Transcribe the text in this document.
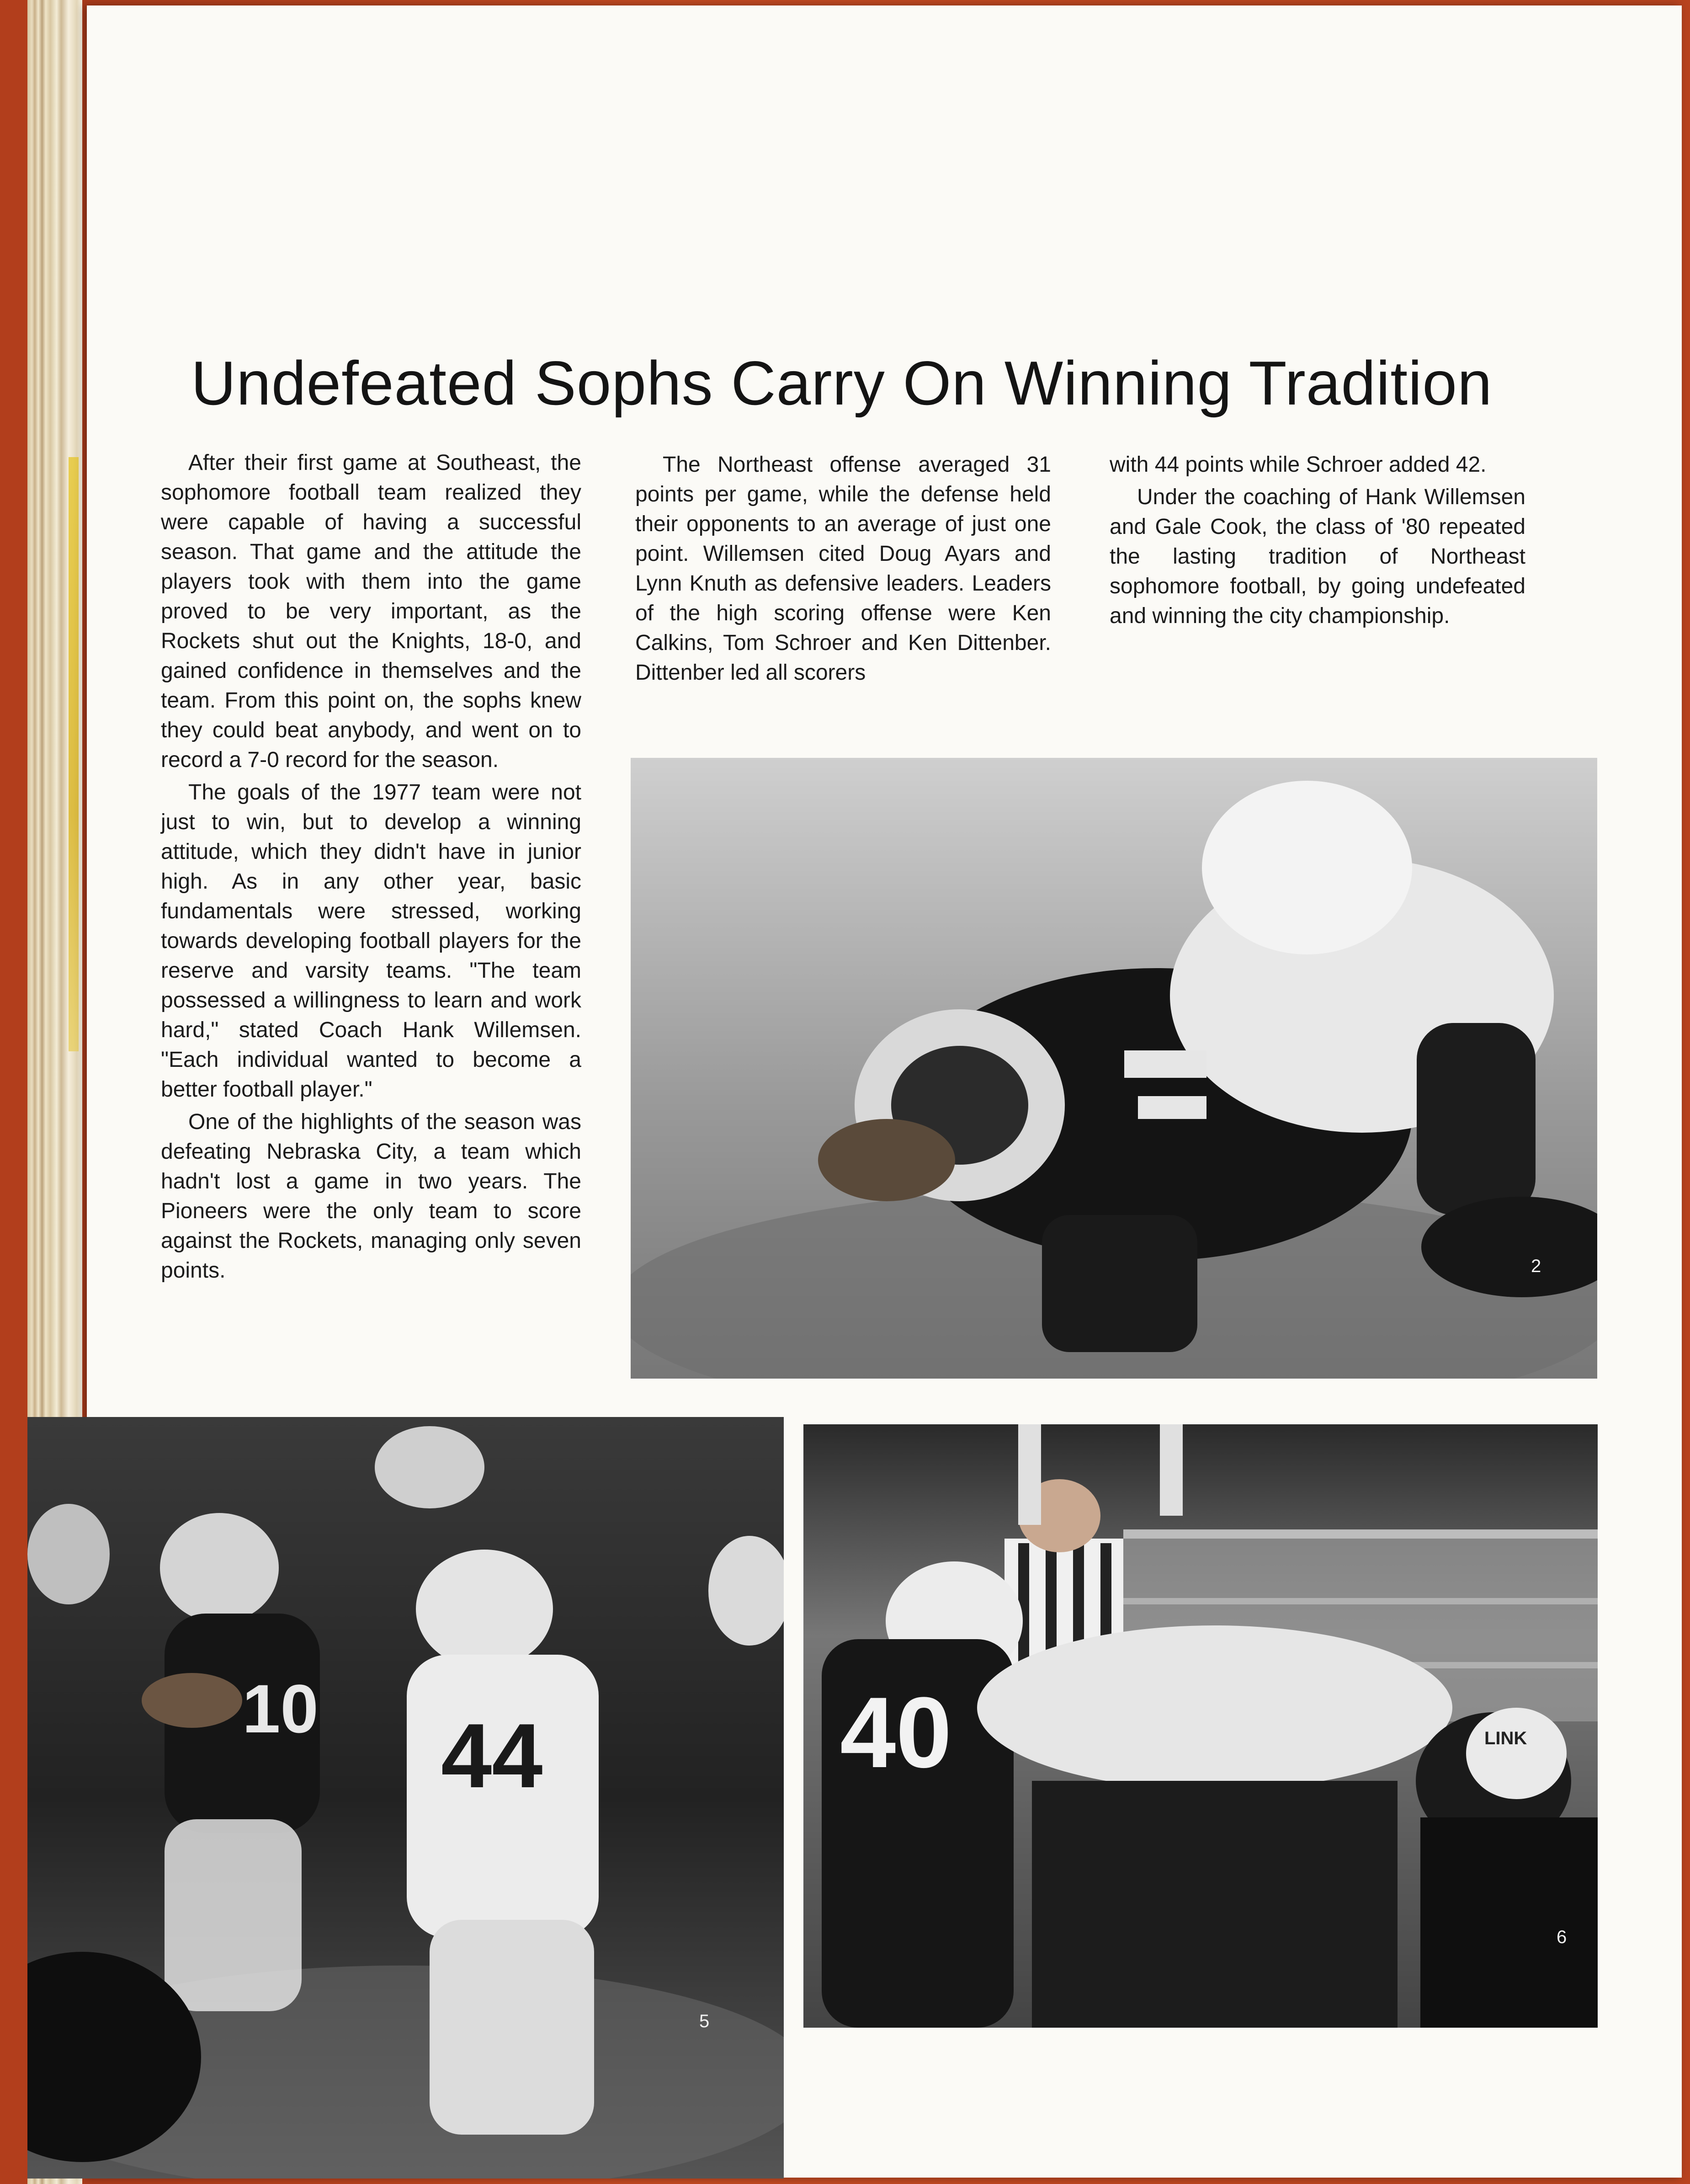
Undefeated Sophs Carry On Winning Tradition

After their first game at Southeast, the sophomore football team realized they were capable of having a successful season. That game and the attitude the players took with them into the game proved to be very important, as the Rockets shut out the Knights, 18-0, and gained confidence in themselves and the team. From this point on, the sophs knew they could beat anybody, and went on to record a 7-0 record for the season.

The goals of the 1977 team were not just to win, but to develop a winning attitude, which they didn't have in junior high. As in any other year, basic fundamentals were stressed, working towards developing football players for the reserve and varsity teams. "The team possessed a willingness to learn and work hard," stated Coach Hank Willemsen. "Each individual wanted to become a better football player."

One of the highlights of the season was defeating Nebraska City, a team which hadn't lost a game in two years. The Pioneers were the only team to score against the Rockets, managing only seven points.

The Northeast offense averaged 31 points per game, while the defense held their opponents to an average of just one point. Willemsen cited Doug Ayars and Lynn Knuth as defensive leaders. Leaders of the high scoring offense were Ken Calkins, Tom Schroer and Ken Dittenber. Dittenber led all scorers

with 44 points while Schroer added 42.

Under the coaching of Hank Willemsen and Gale Cook, the class of '80 repeated the lasting tradition of Northeast sophomore football, by going undefeated and winning the city championship.

2
10 44
5
40	LINK
6
